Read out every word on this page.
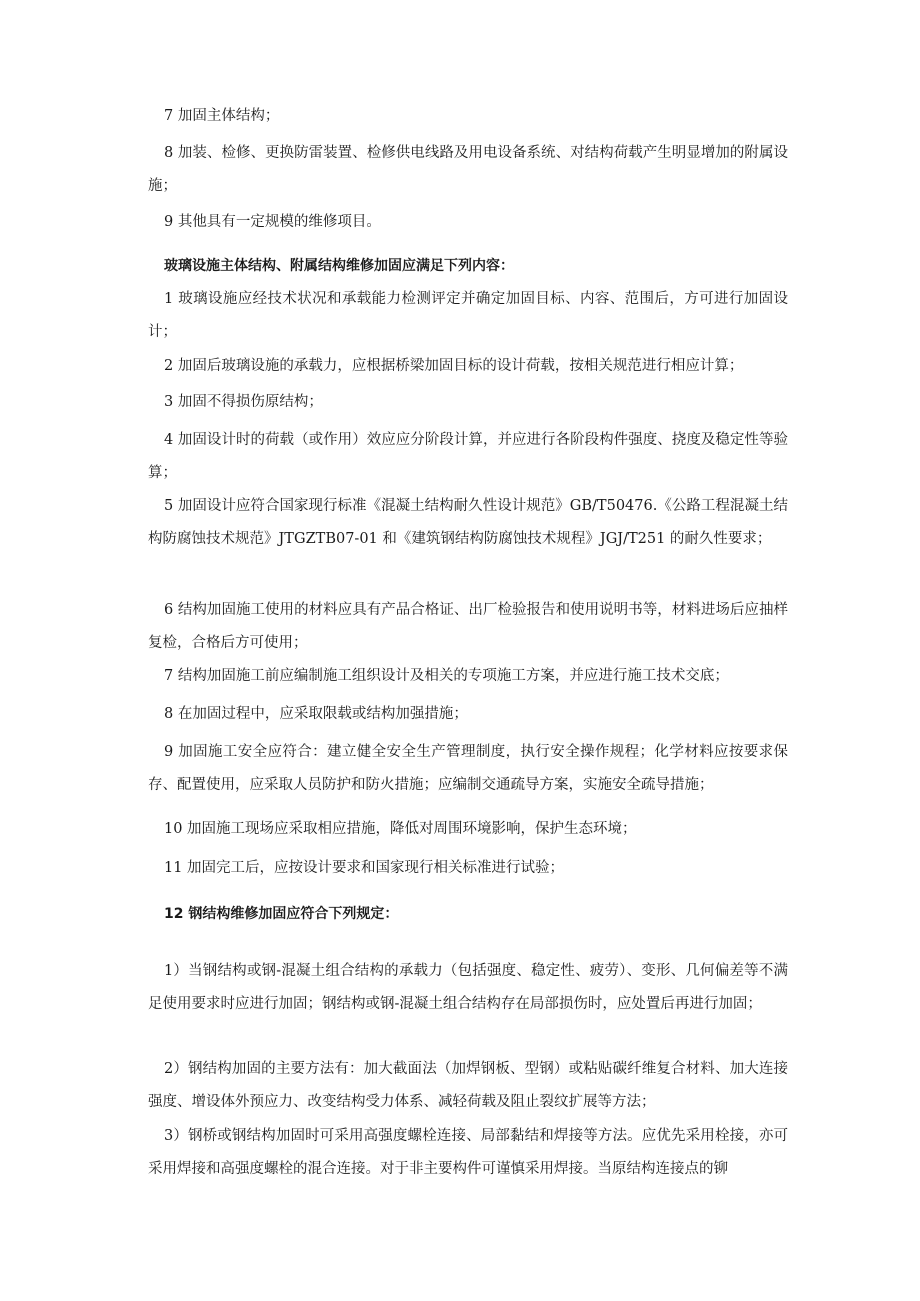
7 加固主体结构；

8 加装、检修、更换防雷装置、检修供电线路及用电设备系统、对结构荷载产生明显增加的附属设施；

9 其他具有一定规模的维修项目。

玻璃设施主体结构、附属结构维修加固应满足下列内容：

1 玻璃设施应经技术状况和承载能力检测评定并确定加固目标、内容、范围后，方可进行加固设计；

2 加固后玻璃设施的承载力，应根据桥梁加固目标的设计荷载，按相关规范进行相应计算；

3 加固不得损伤原结构；

4 加固设计时的荷载（或作用）效应应分阶段计算，并应进行各阶段构件强度、挠度及稳定性等验算；

5 加固设计应符合国家现行标准《混凝土结构耐久性设计规范》GB/T50476.《公路工程混凝土结构防腐蚀技术规范》JTGZTB07-01 和《建筑钢结构防腐蚀技术规程》JGJ/T251 的耐久性要求；

6 结构加固施工使用的材料应具有产品合格证、出厂检验报告和使用说明书等，材料进场后应抽样复检，合格后方可使用；

7 结构加固施工前应编制施工组织设计及相关的专项施工方案，并应进行施工技术交底；

8 在加固过程中，应采取限载或结构加强措施；

9 加固施工安全应符合：建立健全安全生产管理制度，执行安全操作规程；化学材料应按要求保存、配置使用，应采取人员防护和防火措施；应编制交通疏导方案，实施安全疏导措施；

10 加固施工现场应采取相应措施，降低对周围环境影响，保护生态环境；

11 加固完工后，应按设计要求和国家现行相关标准进行试验；

12 钢结构维修加固应符合下列规定：

1）当钢结构或钢-混凝土组合结构的承载力（包括强度、稳定性、疲劳）、变形、几何偏差等不满足使用要求时应进行加固；钢结构或钢-混凝土组合结构存在局部损伤时，应处置后再进行加固；

2）钢结构加固的主要方法有：加大截面法（加焊钢板、型钢）或粘贴碳纤维复合材料、加大连接强度、增设体外预应力、改变结构受力体系、减轻荷载及阻止裂纹扩展等方法；

3）钢桥或钢结构加固时可采用高强度螺栓连接、局部黏结和焊接等方法。应优先采用栓接，亦可采用焊接和高强度螺栓的混合连接。对于非主要构件可谨慎采用焊接。当原结构连接点的铆
